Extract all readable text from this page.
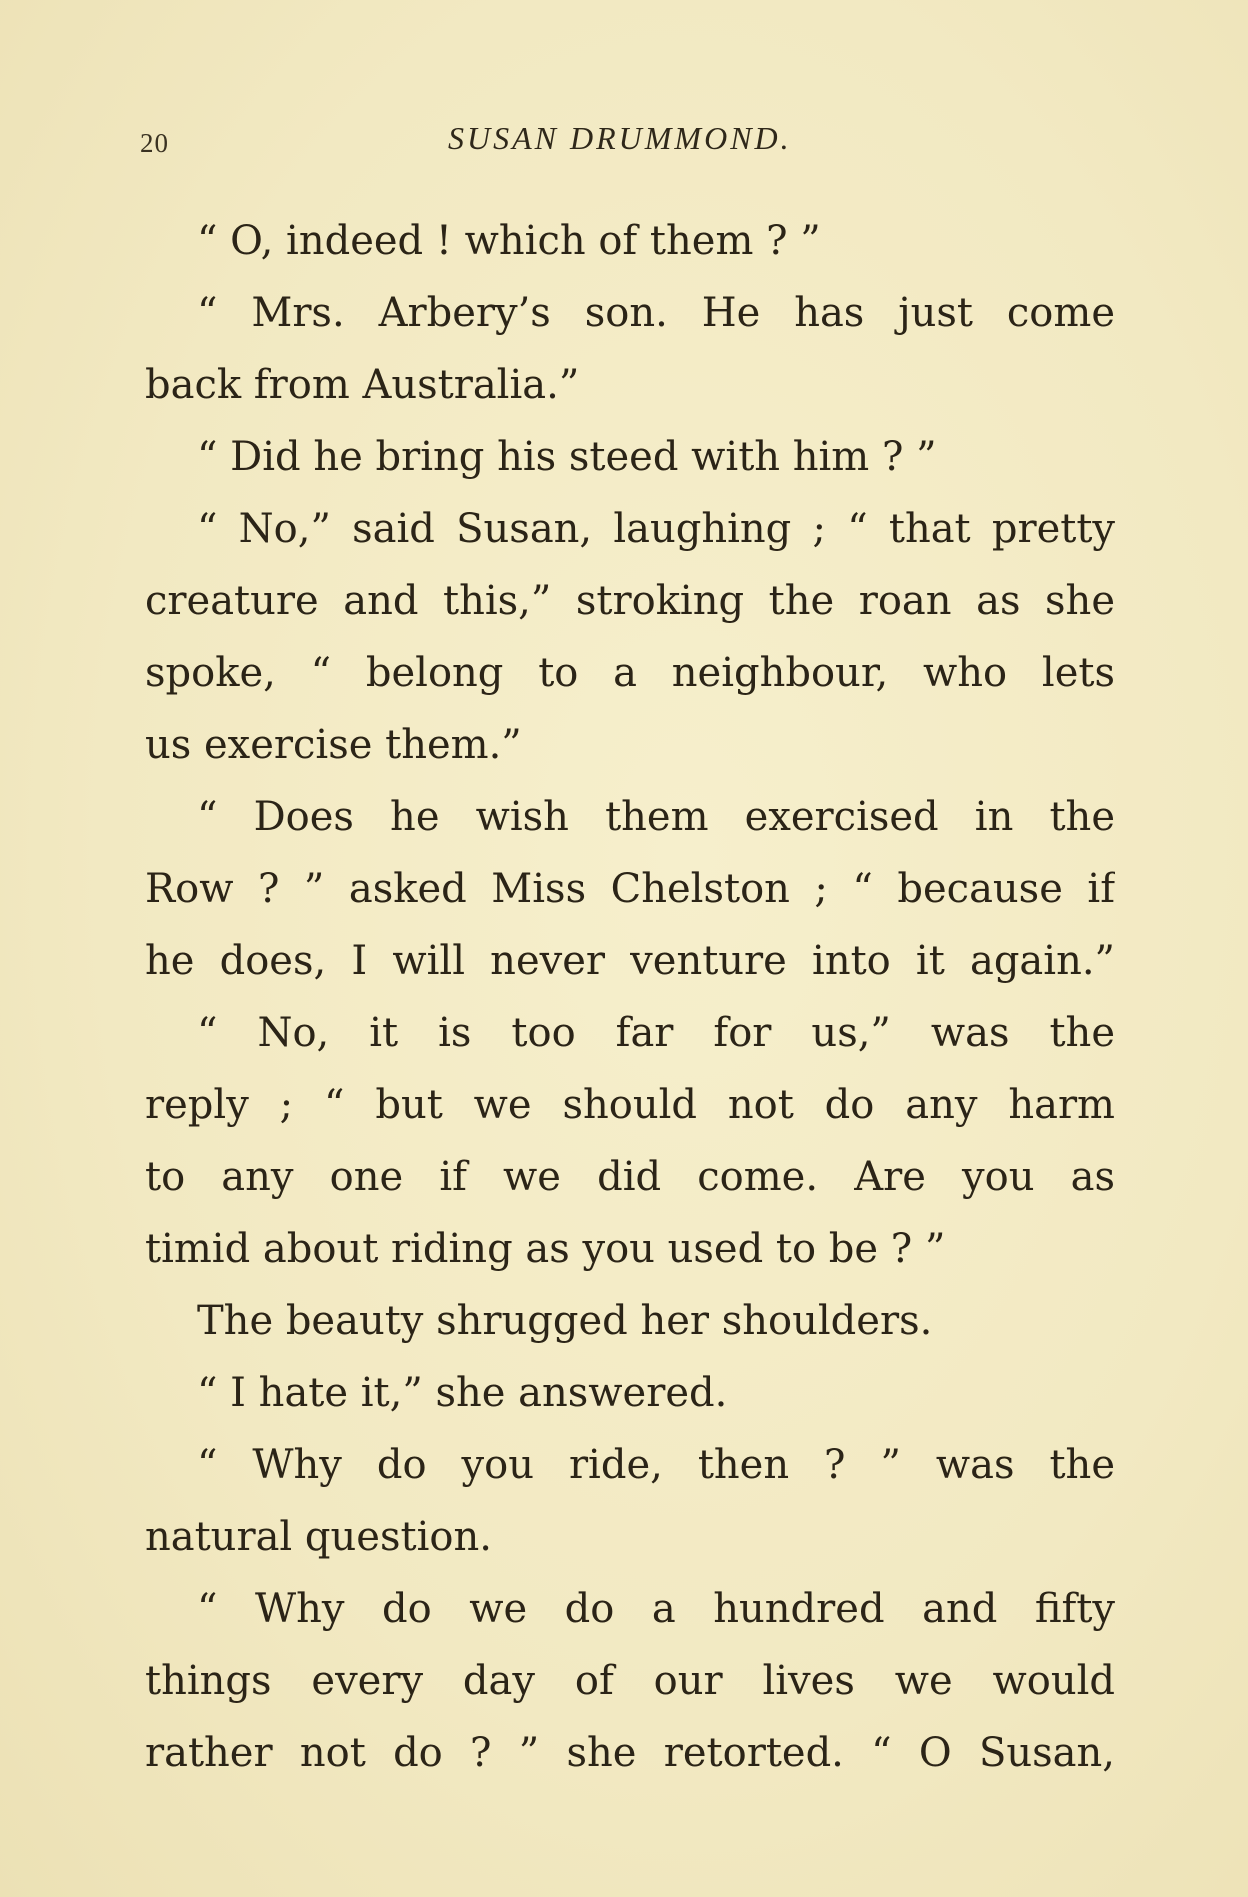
20	SUSAN DRUMMOND.
“ O, indeed ! which of them ? ”
“ Mrs. Arbery’s son. He has just come
back from Australia.”
“ Did he bring his steed with him ? ”
“ No,” said Susan, laughing ; “ that pretty
creature and this,” stroking the roan as she
spoke, “ belong to a neighbour, who lets
us exercise them.”
“ Does he wish them exercised in the
Row ? ” asked Miss Chelston ; “ because if
he does, I will never venture into it again.”
“ No, it is too far for us,” was the
reply ; “ but we should not do any harm
to any one if we did come. Are you as
timid about riding as you used to be ? ”
The beauty shrugged her shoulders.
“ I hate it,” she answered.
“ Why do you ride, then ? ” was the
natural question.
“ Why do we do a hundred and fifty
things every day of our lives we would
rather not do ? ” she retorted. “ O Susan,
